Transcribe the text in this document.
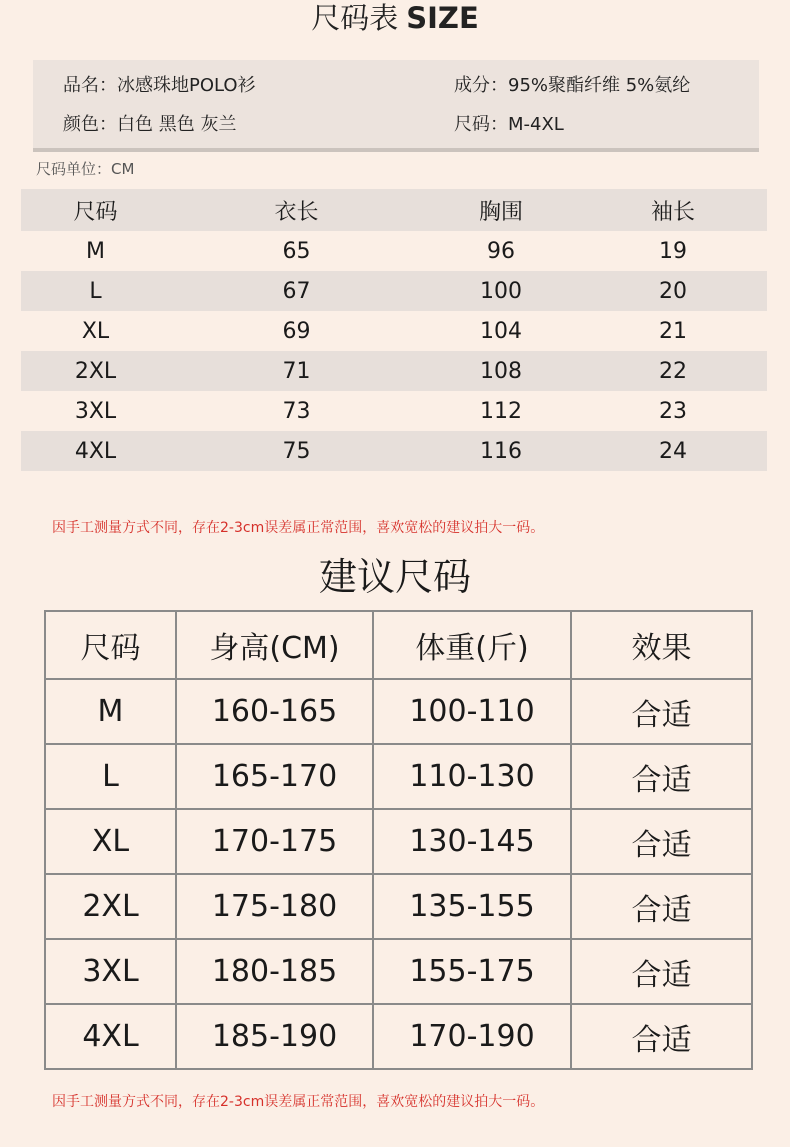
尺码表 SIZE
品名：冰感珠地POLO衫	成分：95%聚酯纤维 5%氨纶
颜色：白色 黑色 灰兰	尺码：M-4XL
尺码单位：CM
尺码	衣长	胸围	袖长
M	65	96	19
L	67	100	20
XL	69	104	21
2XL	71	108	22
3XL	73	112	23
4XL	75	116	24
因手工测量方式不同，存在2-3cm误差属正常范围，喜欢宽松的建议拍大一码。
建议尺码
尺码	身高(CM)	体重(斤)	效果
M	160-165	100-110	合适
L	165-170	110-130	合适
XL	170-175	130-145	合适
2XL	175-180	135-155	合适
3XL	180-185	155-175	合适
4XL	185-190	170-190	合适
因手工测量方式不同，存在2-3cm误差属正常范围，喜欢宽松的建议拍大一码。
